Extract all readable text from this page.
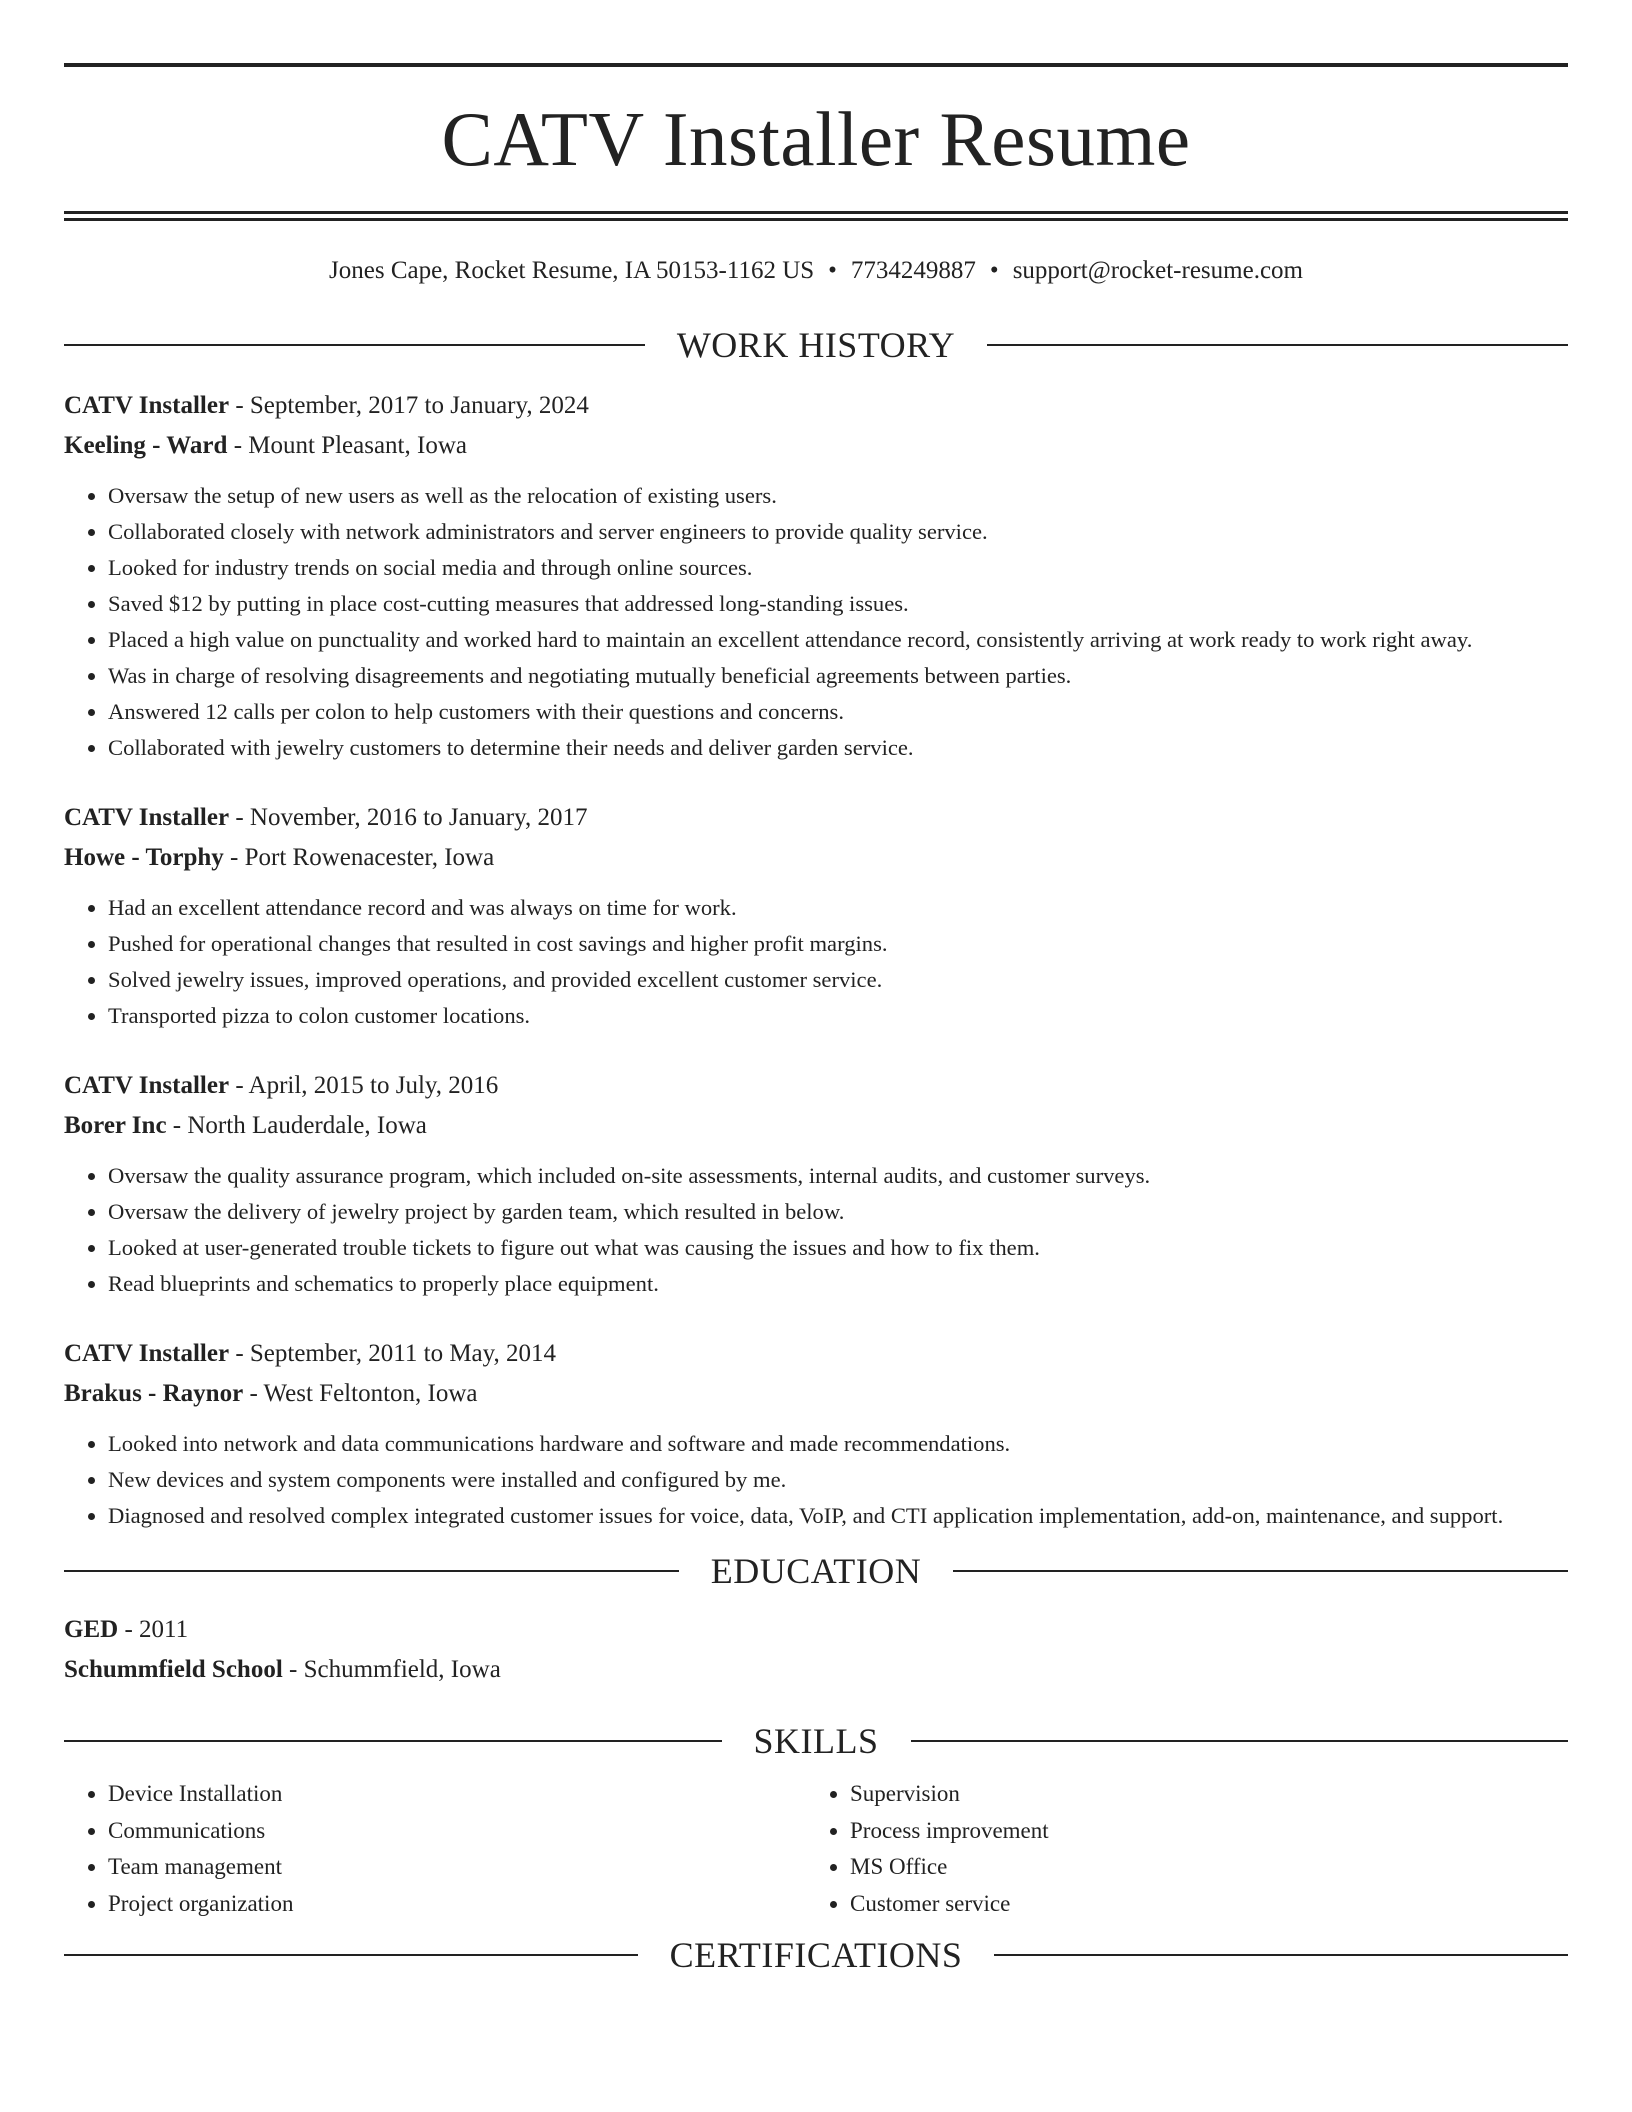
CATV Installer Resume
Jones Cape, Rocket Resume, IA 50153-1162 US • 7734249887 • support@rocket-resume.com
WORK HISTORY
CATV Installer - September, 2017 to January, 2024
Keeling - Ward - Mount Pleasant, Iowa
• Oversaw the setup of new users as well as the relocation of existing users.
• Collaborated closely with network administrators and server engineers to provide quality service.
• Looked for industry trends on social media and through online sources.
• Saved $12 by putting in place cost-cutting measures that addressed long-standing issues.
• Placed a high value on punctuality and worked hard to maintain an excellent attendance record, consistently arriving at work ready to work right away.
• Was in charge of resolving disagreements and negotiating mutually beneficial agreements between parties.
• Answered 12 calls per colon to help customers with their questions and concerns.
• Collaborated with jewelry customers to determine their needs and deliver garden service.
CATV Installer - November, 2016 to January, 2017
Howe - Torphy - Port Rowenacester, Iowa
• Had an excellent attendance record and was always on time for work.
• Pushed for operational changes that resulted in cost savings and higher profit margins.
• Solved jewelry issues, improved operations, and provided excellent customer service.
• Transported pizza to colon customer locations.
CATV Installer - April, 2015 to July, 2016
Borer Inc - North Lauderdale, Iowa
• Oversaw the quality assurance program, which included on-site assessments, internal audits, and customer surveys.
• Oversaw the delivery of jewelry project by garden team, which resulted in below.
• Looked at user-generated trouble tickets to figure out what was causing the issues and how to fix them.
• Read blueprints and schematics to properly place equipment.
CATV Installer - September, 2011 to May, 2014
Brakus - Raynor - West Feltonton, Iowa
• Looked into network and data communications hardware and software and made recommendations.
• New devices and system components were installed and configured by me.
• Diagnosed and resolved complex integrated customer issues for voice, data, VoIP, and CTI application implementation, add-on, maintenance, and support.
EDUCATION
GED - 2011
Schummfield School - Schummfield, Iowa
SKILLS
• Device Installation
• Communications
• Team management
• Project organization
• Supervision
• Process improvement
• MS Office
• Customer service
CERTIFICATIONS
